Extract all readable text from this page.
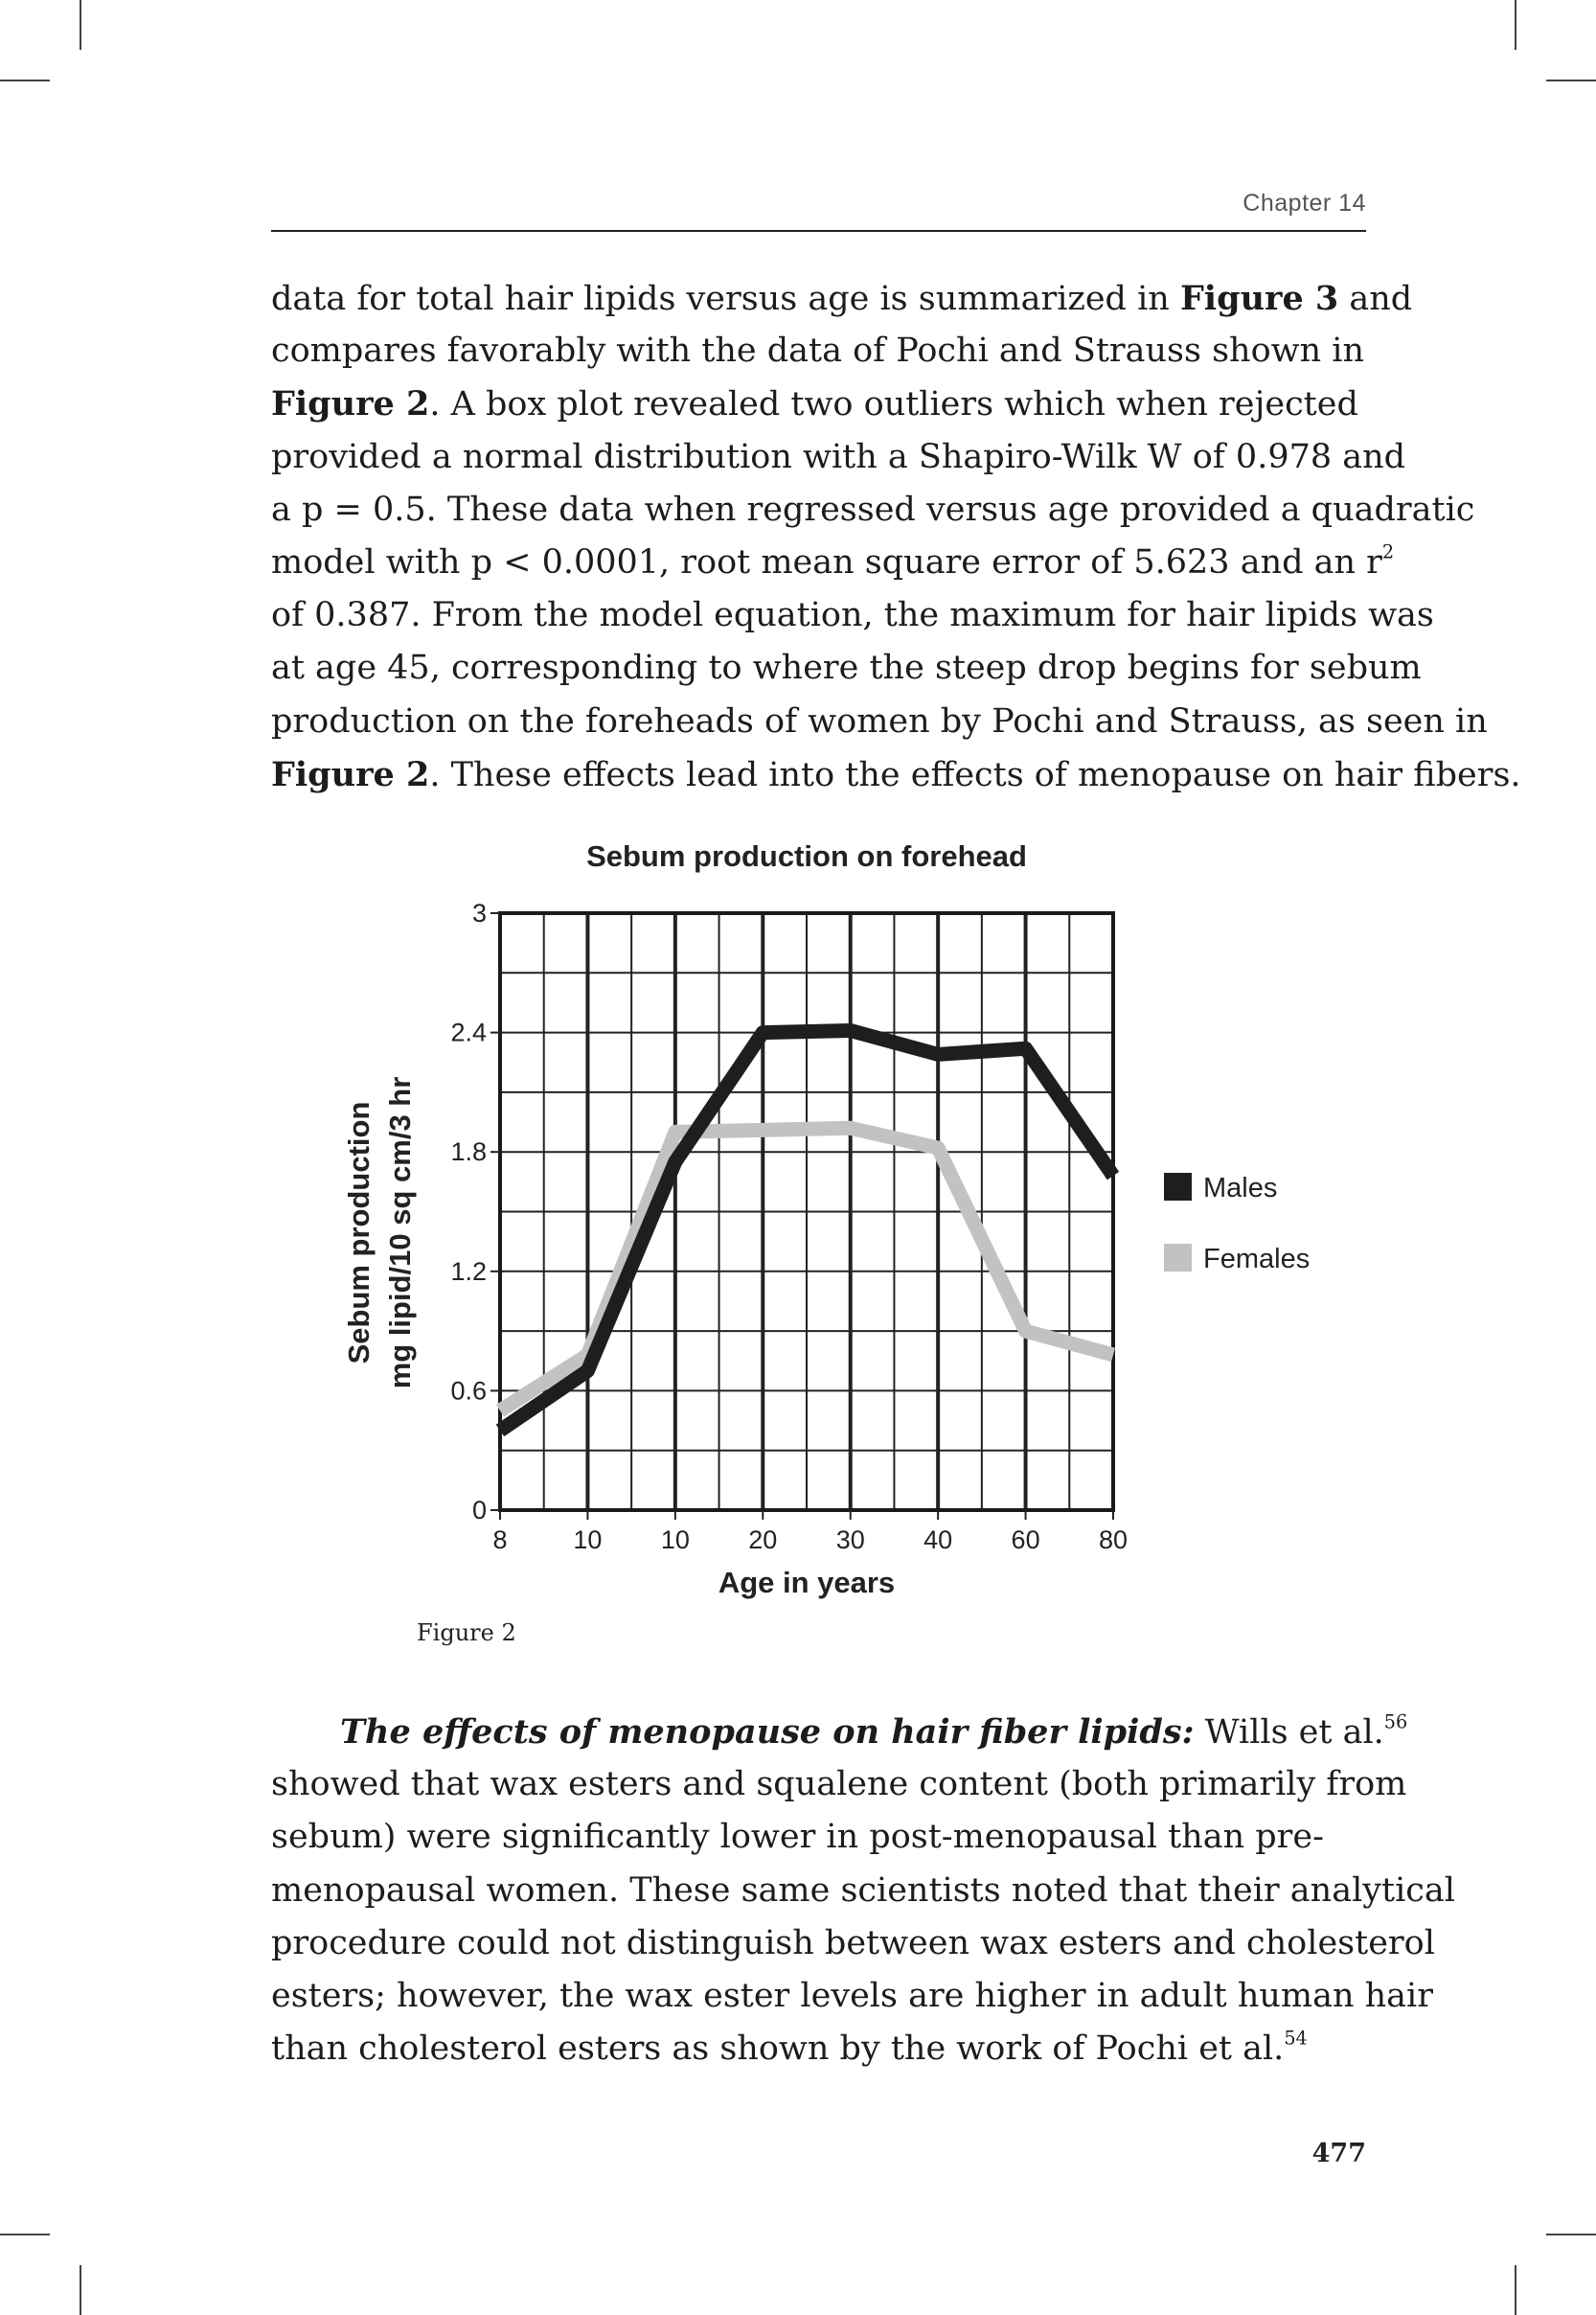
Chapter 14
data for total hair lipids versus age is summarized in Figure 3 and
compares favorably with the data of Pochi and Strauss shown in
Figure 2. A box plot revealed two outliers which when rejected
provided a normal distribution with a Shapiro-Wilk W of 0.978 and
a p = 0.5. These data when regressed versus age provided a quadratic
model with p < 0.0001, root mean square error of 5.623 and an $r^2$
of 0.387. From the model equation, the maximum for hair lipids was
at age 45, corresponding to where the steep drop begins for sebum
production on the foreheads of women by Pochi and Strauss, as seen in
Figure 2. These effects lead into the effects of menopause on hair fibers.
0
0.6
1.2
1.8
2.4
3
8	10 10 20 30 40 60 80
Sebum production on forehead
Age in years
Sebum production mg lipid/10 sq cm/3 hr	Males
Females
Figure 2
The effects of menopause on hair fiber lipids: Wills et al.$^{56}$
showed that wax esters and squalene content (both primarily from
sebum) were significantly lower in post-menopausal than pre-
menopausal women. These same scientists noted that their analytical
procedure could not distinguish between wax esters and cholesterol
esters; however, the wax ester levels are higher in adult human hair
than cholesterol esters as shown by the work of Pochi et al.$^{54}$
477
